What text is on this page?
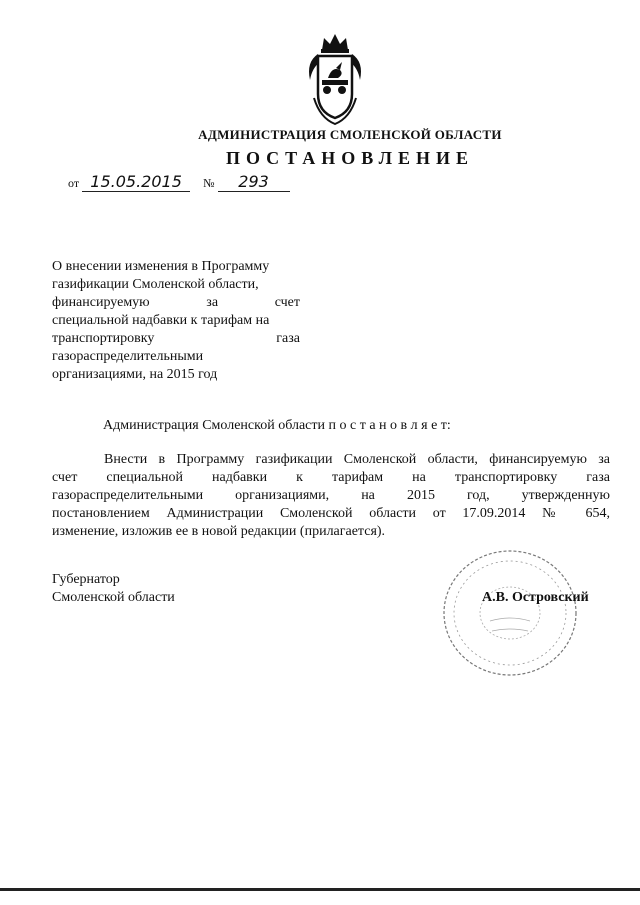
АДМИНИСТРАЦИЯ СМОЛЕНСКОЙ ОБЛАСТИ
ПОСТАНОВЛЕНИЕ
от 15.05.2015 № 293
О внесении изменения в Программу
газификации Смоленской области,
финансируемую за счет
специальной надбавки к тарифам на
транспортировку газа
газораспределительными
организациями, на 2015 год
Администрация Смоленской области п о с т а н о в л я е т:
Внести в Программу газификации Смоленской области, финансируемую за
счет специальной надбавки к тарифам на транспортировку газа
газораспределительными организациями, на 2015 год, утвержденную
постановлением Администрации Смоленской области от 17.09.2014 № 654,
изменение, изложив ее в новой редакции (прилагается).
Губернатор
Смоленской области	А.В. Островский
